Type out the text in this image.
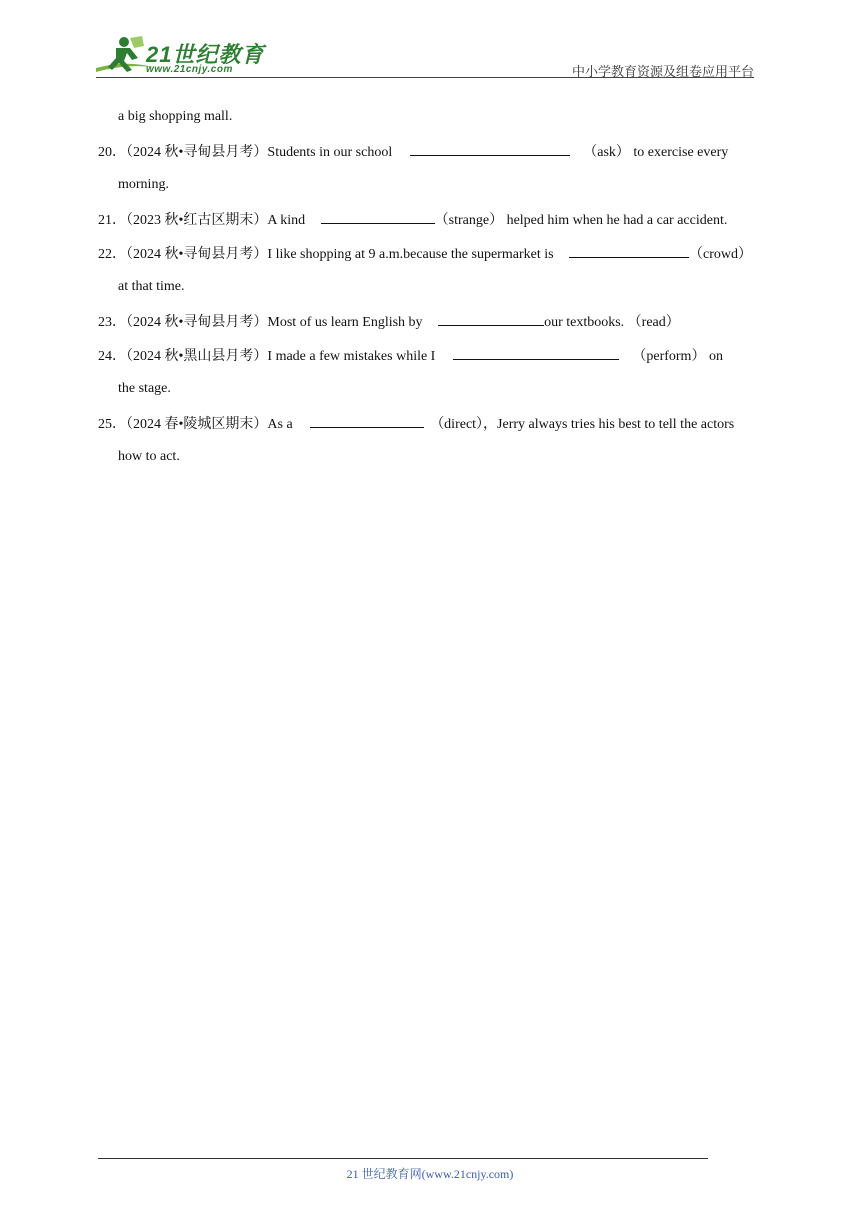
21世纪教育
www.21cnjy.com	中小学教育资源及组卷应用平台
a big shopping mall.
20．（2024 秋•寻甸县月考）Students in our school	（ask） to exercise every
morning.
21．（2023 秋•红古区期末）A kind	（strange） helped him when he had a car accident.
22．（2024 秋•寻甸县月考）I like shopping at 9 a.m.because the supermarket is	（crowd）
at that time.
23．（2024 秋•寻甸县月考）Most of us learn English by	our textbooks. （read）
24．（2024 秋•黑山县月考）I made a few mistakes while I	（perform） on
the stage.
25．（2024 春•陵城区期末）As a	（direct），Jerry always tries his best to tell the actors
how to act.
21 世纪教育网(www.21cnjy.com)
